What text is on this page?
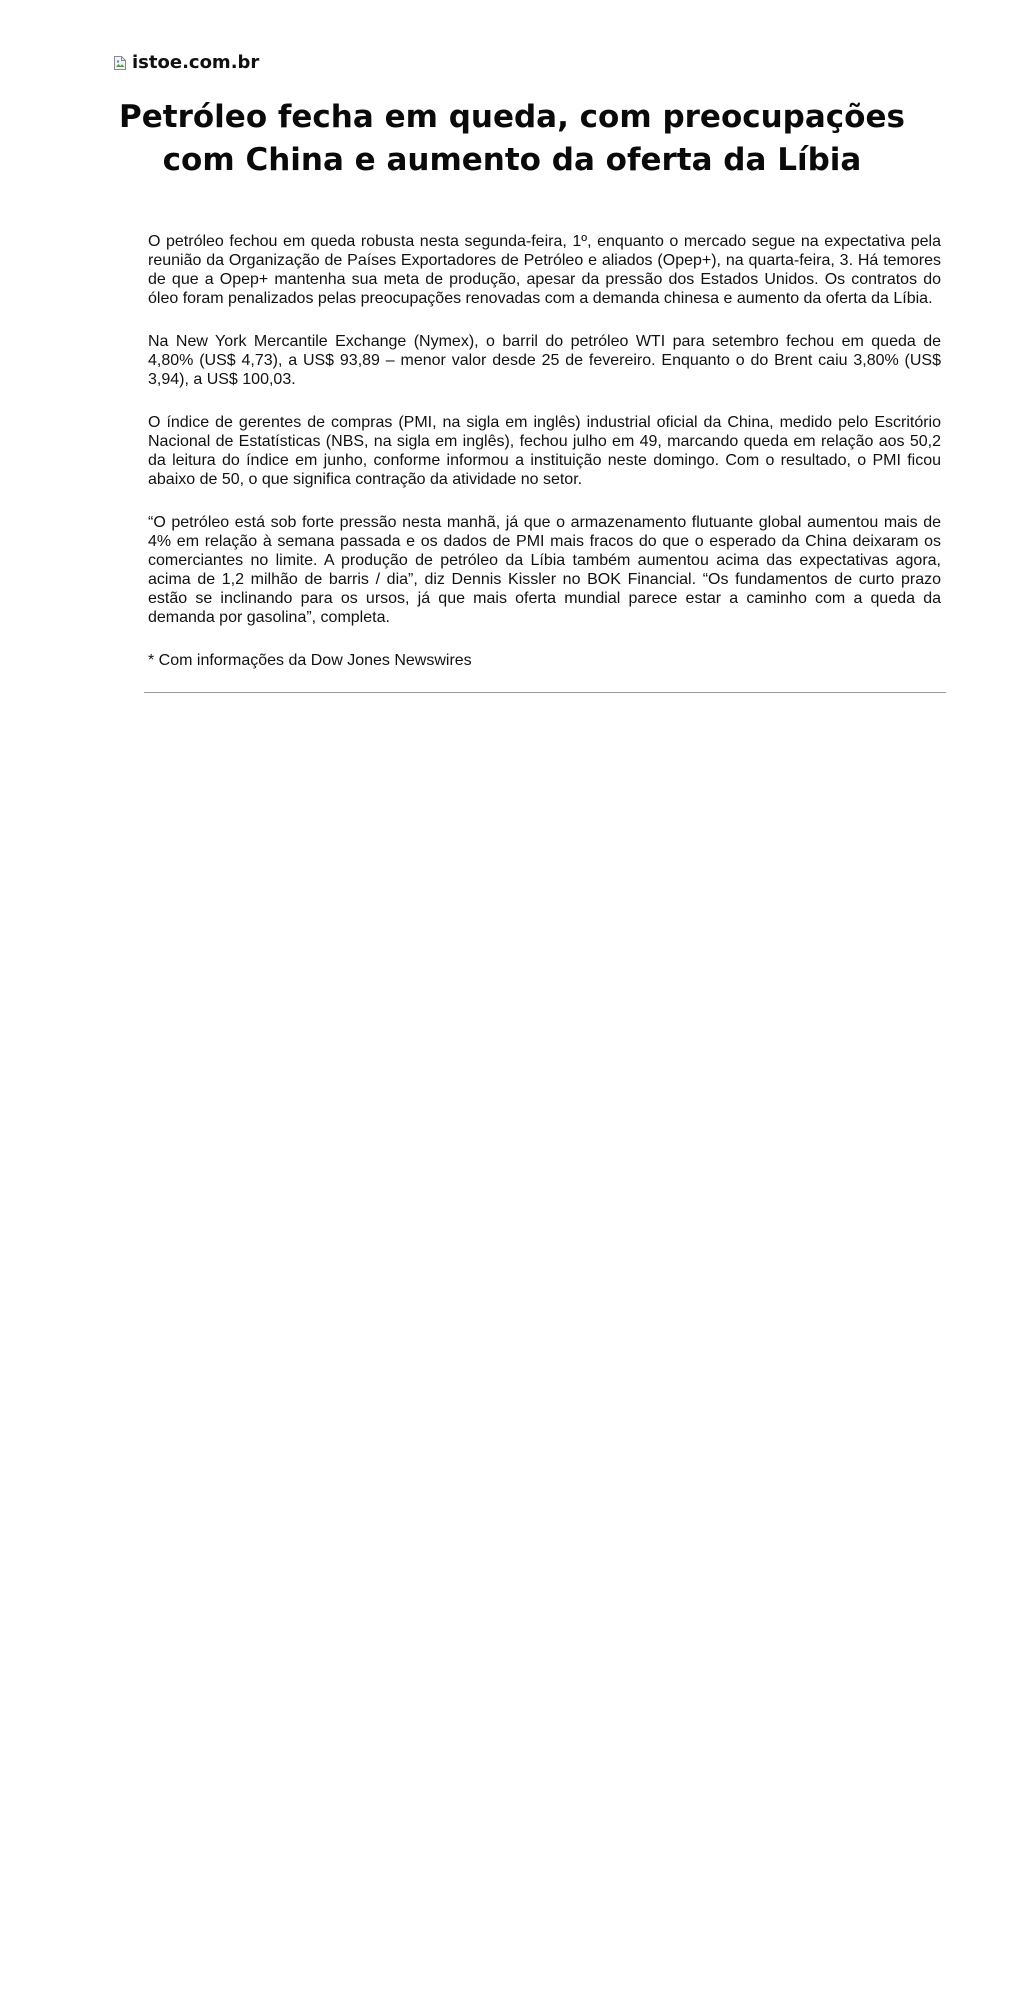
istoe.com.br
Petróleo fecha em queda, com preocupações com China e aumento da oferta da Líbia

O petróleo fechou em queda robusta nesta segunda-feira, 1º, enquanto o mercado segue na expectativa pela reunião da Organização de Países Exportadores de Petróleo e aliados (Opep+), na quarta-feira, 3. Há temores de que a Opep+ mantenha sua meta de produção, apesar da pressão dos Estados Unidos. Os contratos do óleo foram penalizados pelas preocupações renovadas com a demanda chinesa e aumento da oferta da Líbia.

Na New York Mercantile Exchange (Nymex), o barril do petróleo WTI para setembro fechou em queda de 4,80% (US$ 4,73), a US$ 93,89 – menor valor desde 25 de fevereiro. Enquanto o do Brent caiu 3,80% (US$ 3,94), a US$ 100,03.

O índice de gerentes de compras (PMI, na sigla em inglês) industrial oficial da China, medido pelo Escritório Nacional de Estatísticas (NBS, na sigla em inglês), fechou julho em 49, marcando queda em relação aos 50,2 da leitura do índice em junho, conforme informou a instituição neste domingo. Com o resultado, o PMI ficou abaixo de 50, o que significa contração da atividade no setor.

“O petróleo está sob forte pressão nesta manhã, já que o armazenamento flutuante global aumentou mais de 4% em relação à semana passada e os dados de PMI mais fracos do que o esperado da China deixaram os comerciantes no limite. A produção de petróleo da Líbia também aumentou acima das expectativas agora, acima de 1,2 milhão de barris / dia”, diz Dennis Kissler no BOK Financial. “Os fundamentos de curto prazo estão se inclinando para os ursos, já que mais oferta mundial parece estar a caminho com a queda da demanda por gasolina”, completa.

* Com informações da Dow Jones Newswires
